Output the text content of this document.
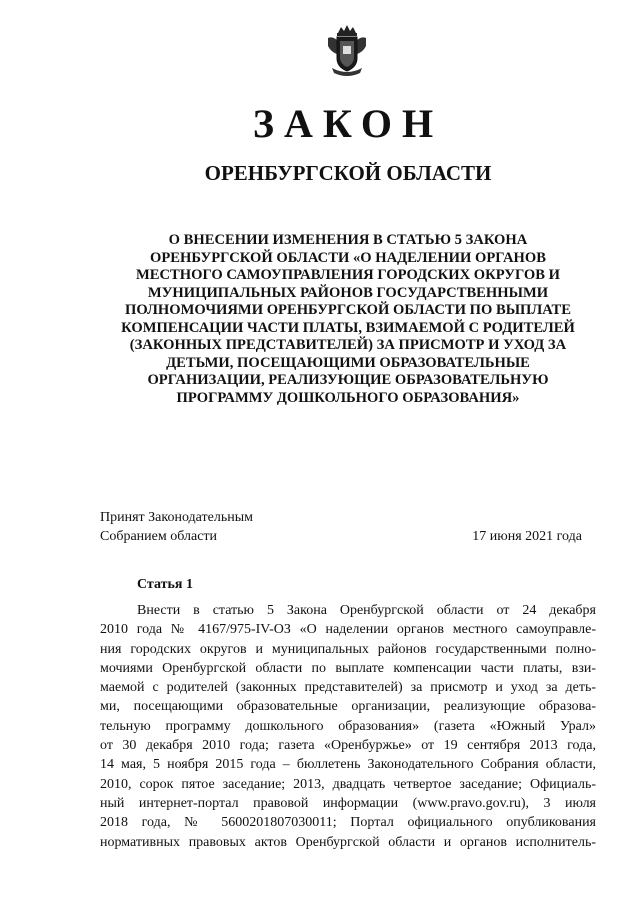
ЗАКОН
ОРЕНБУРГСКОЙ ОБЛАСТИ
О ВНЕСЕНИИ ИЗМЕНЕНИЯ В СТАТЬЮ 5 ЗАКОНА
ОРЕНБУРГСКОЙ ОБЛАСТИ «О НАДЕЛЕНИИ ОРГАНОВ
МЕСТНОГО САМОУПРАВЛЕНИЯ ГОРОДСКИХ ОКРУГОВ И
МУНИЦИПАЛЬНЫХ РАЙОНОВ ГОСУДАРСТВЕННЫМИ
ПОЛНОМОЧИЯМИ ОРЕНБУРГСКОЙ ОБЛАСТИ ПО ВЫПЛАТЕ
КОМПЕНСАЦИИ ЧАСТИ ПЛАТЫ, ВЗИМАЕМОЙ С РОДИТЕЛЕЙ
(ЗАКОННЫХ ПРЕДСТАВИТЕЛЕЙ) ЗА ПРИСМОТР И УХОД ЗА
ДЕТЬМИ, ПОСЕЩАЮЩИМИ ОБРАЗОВАТЕЛЬНЫЕ
ОРГАНИЗАЦИИ, РЕАЛИЗУЮЩИЕ ОБРАЗОВАТЕЛЬНУЮ
ПРОГРАММУ ДОШКОЛЬНОГО ОБРАЗОВАНИЯ»
Принят Законодательным
Собранием области	17 июня 2021 года
Статья 1
Внести в статью 5 Закона Оренбургской области от 24 декабря
2010 года № 4167/975-IV-ОЗ «О наделении органов местного самоуправле-
ния городских округов и муниципальных районов государственными полно-
мочиями Оренбургской области по выплате компенсации части платы, взи-
маемой с родителей (законных представителей) за присмотр и уход за деть-
ми, посещающими образовательные организации, реализующие образова-
тельную программу дошкольного образования» (газета «Южный Урал»
от 30 декабря 2010 года; газета «Оренбуржье» от 19 сентября 2013 года,
14 мая, 5 ноября 2015 года – бюллетень Законодательного Собрания области,
2010, сорок пятое заседание; 2013, двадцать четвертое заседание; Официаль-
ный интернет-портал правовой информации (www.pravo.gov.ru), 3 июля
2018 года, № 5600201807030011; Портал официального опубликования
нормативных правовых актов Оренбургской области и органов исполнитель-
